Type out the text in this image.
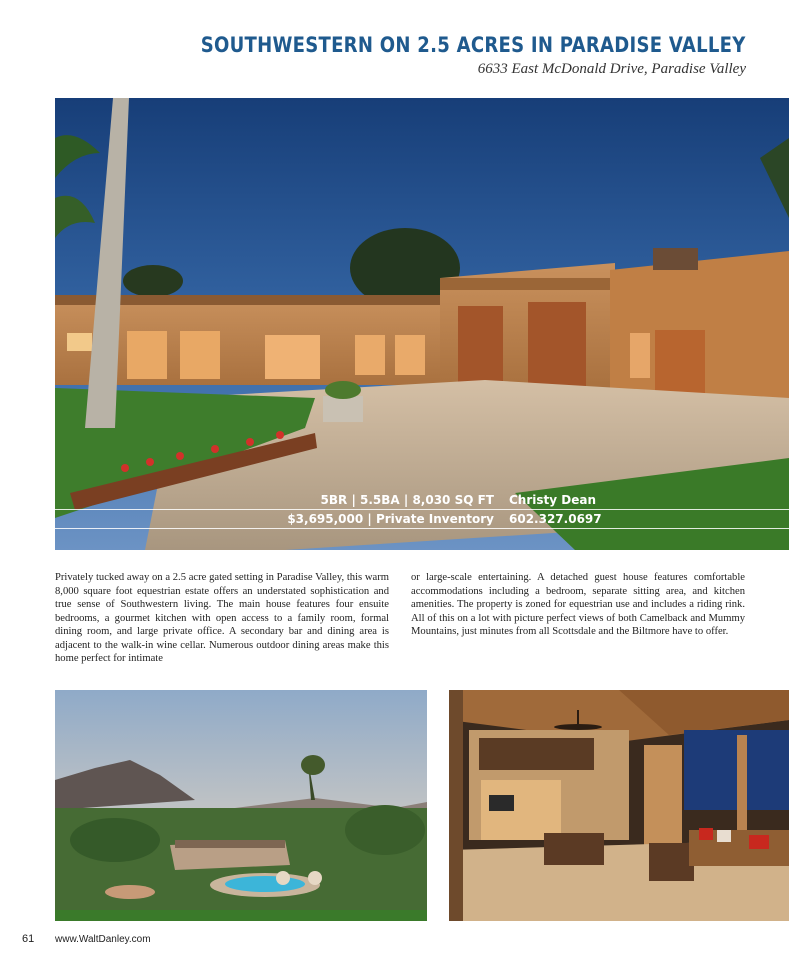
SOUTHWESTERN ON 2.5 ACRES IN PARADISE VALLEY

6633 East McDonald Drive, Paradise Valley

5BR | 5.5BA | 8,030 SQ FT
$3,695,000 | Private Inventory
Christy Dean
602.327.0697

Privately tucked away on a 2.5 acre gated setting in Paradise Valley, this warm 8,000 square foot equestrian estate offers an understated sophistication and true sense of Southwestern living. The main house features four ensuite bedrooms, a gourmet kitchen with open access to a family room, formal dining room, and large private office. A secondary bar and dining area is adjacent to the walk-in wine cellar. Numerous outdoor dining areas make this home perfect for intimate

or large-scale entertaining. A detached guest house features comfortable accommodations including a bedroom, separate sitting area, and kitchen amenities. The property is zoned for equestrian use and includes a riding rink. All of this on a lot with picture perfect views of both Camelback and Mummy Mountains, just minutes from all Scottsdale and the Biltmore have to offer.

61 www.WaltDanley.com
